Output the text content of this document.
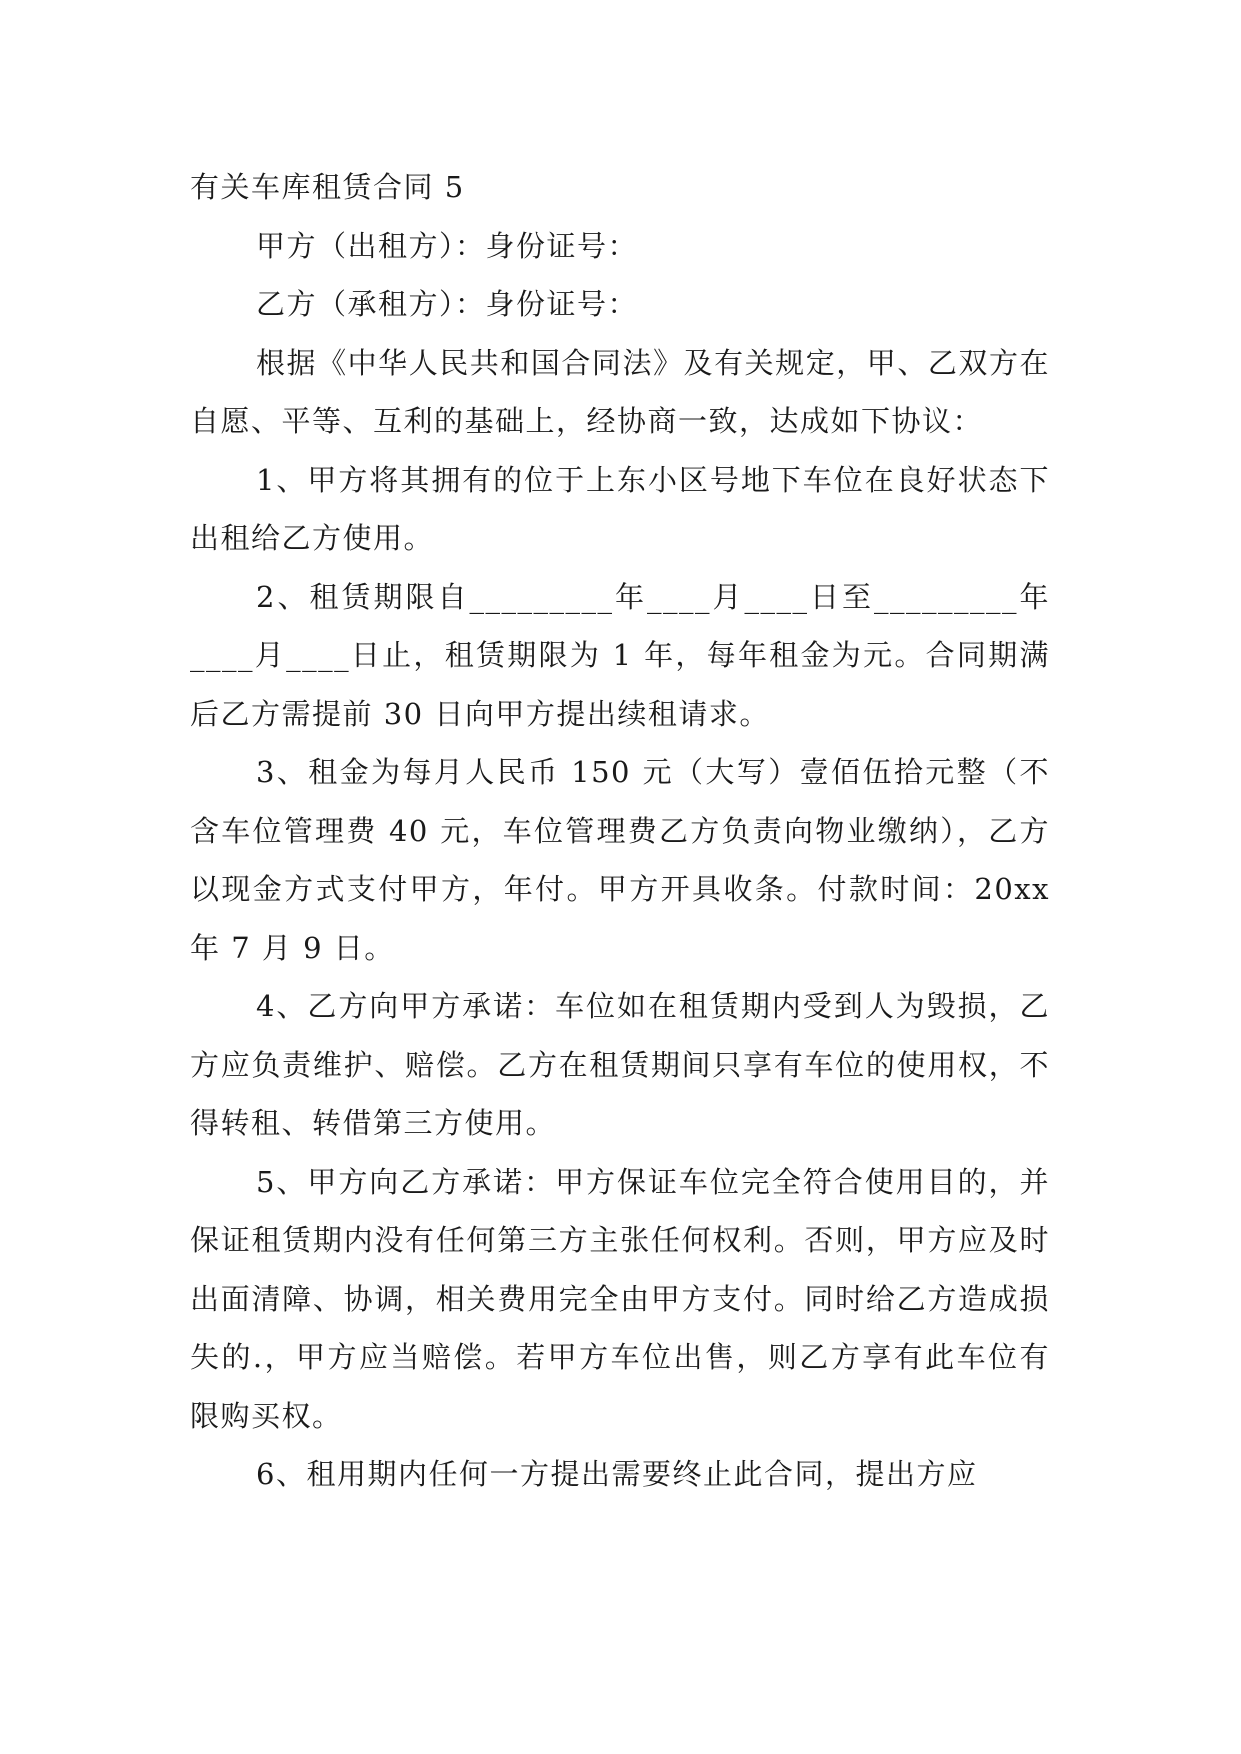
有关车库租赁合同 5

甲方（出租方）：身份证号：

乙方（承租方）：身份证号：

根据《中华人民共和国合同法》及有关规定，甲、乙双方在自愿、平等、互利的基础上，经协商一致，达成如下协议：

1、甲方将其拥有的位于上东小区号地下车位在良好状态下出租给乙方使用。

2、租赁期限自_________年____月____日至_________年____月____日止，租赁期限为 1 年，每年租金为元。合同期满后乙方需提前 30 日向甲方提出续租请求。

3、租金为每月人民币 150 元（大写）壹佰伍拾元整（不含车位管理费 40 元，车位管理费乙方负责向物业缴纳），乙方以现金方式支付甲方，年付。甲方开具收条。付款时间：20xx 年 7 月 9 日。

4、乙方向甲方承诺：车位如在租赁期内受到人为毁损，乙方应负责维护、赔偿。乙方在租赁期间只享有车位的使用权，不得转租、转借第三方使用。

5、甲方向乙方承诺：甲方保证车位完全符合使用目的，并保证租赁期内没有任何第三方主张任何权利。否则，甲方应及时出面清障、协调，相关费用完全由甲方支付。同时给乙方造成损失的.，甲方应当赔偿。若甲方车位出售，则乙方享有此车位有限购买权。

6、租用期内任何一方提出需要终止此合同，提出方应
